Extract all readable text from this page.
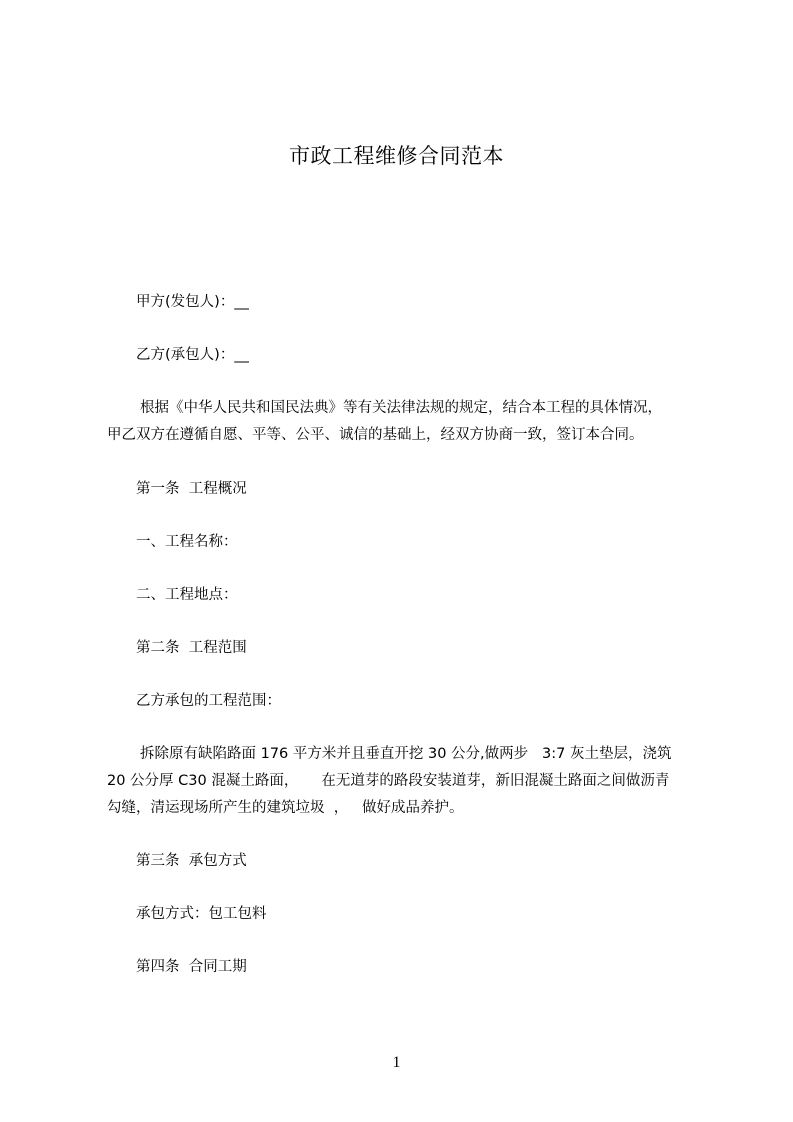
市政工程维修合同范本
甲方(发包人)：__
乙方(承包人)：__
根据《中华人民共和国民法典》等有关法律法规的规定，结合本工程的具体情况，
甲乙双方在遵循自愿、平等、公平、诚信的基础上，经双方协商一致，签订本合同。
第一条  工程概况
一、工程名称：
二、工程地点：
第二条  工程范围
乙方承包的工程范围：
拆除原有缺陷路面 176 平方米并且垂直开挖 30 公分,做两步   3:7 灰土垫层，浇筑
20 公分厚 C30 混凝土路面，     在无道芽的路段安装道芽，新旧混凝土路面之间做沥青
勾缝，清运现场所产生的建筑垃圾  ，   做好成品养护。
第三条  承包方式
承包方式：包工包料
第四条  合同工期
1
